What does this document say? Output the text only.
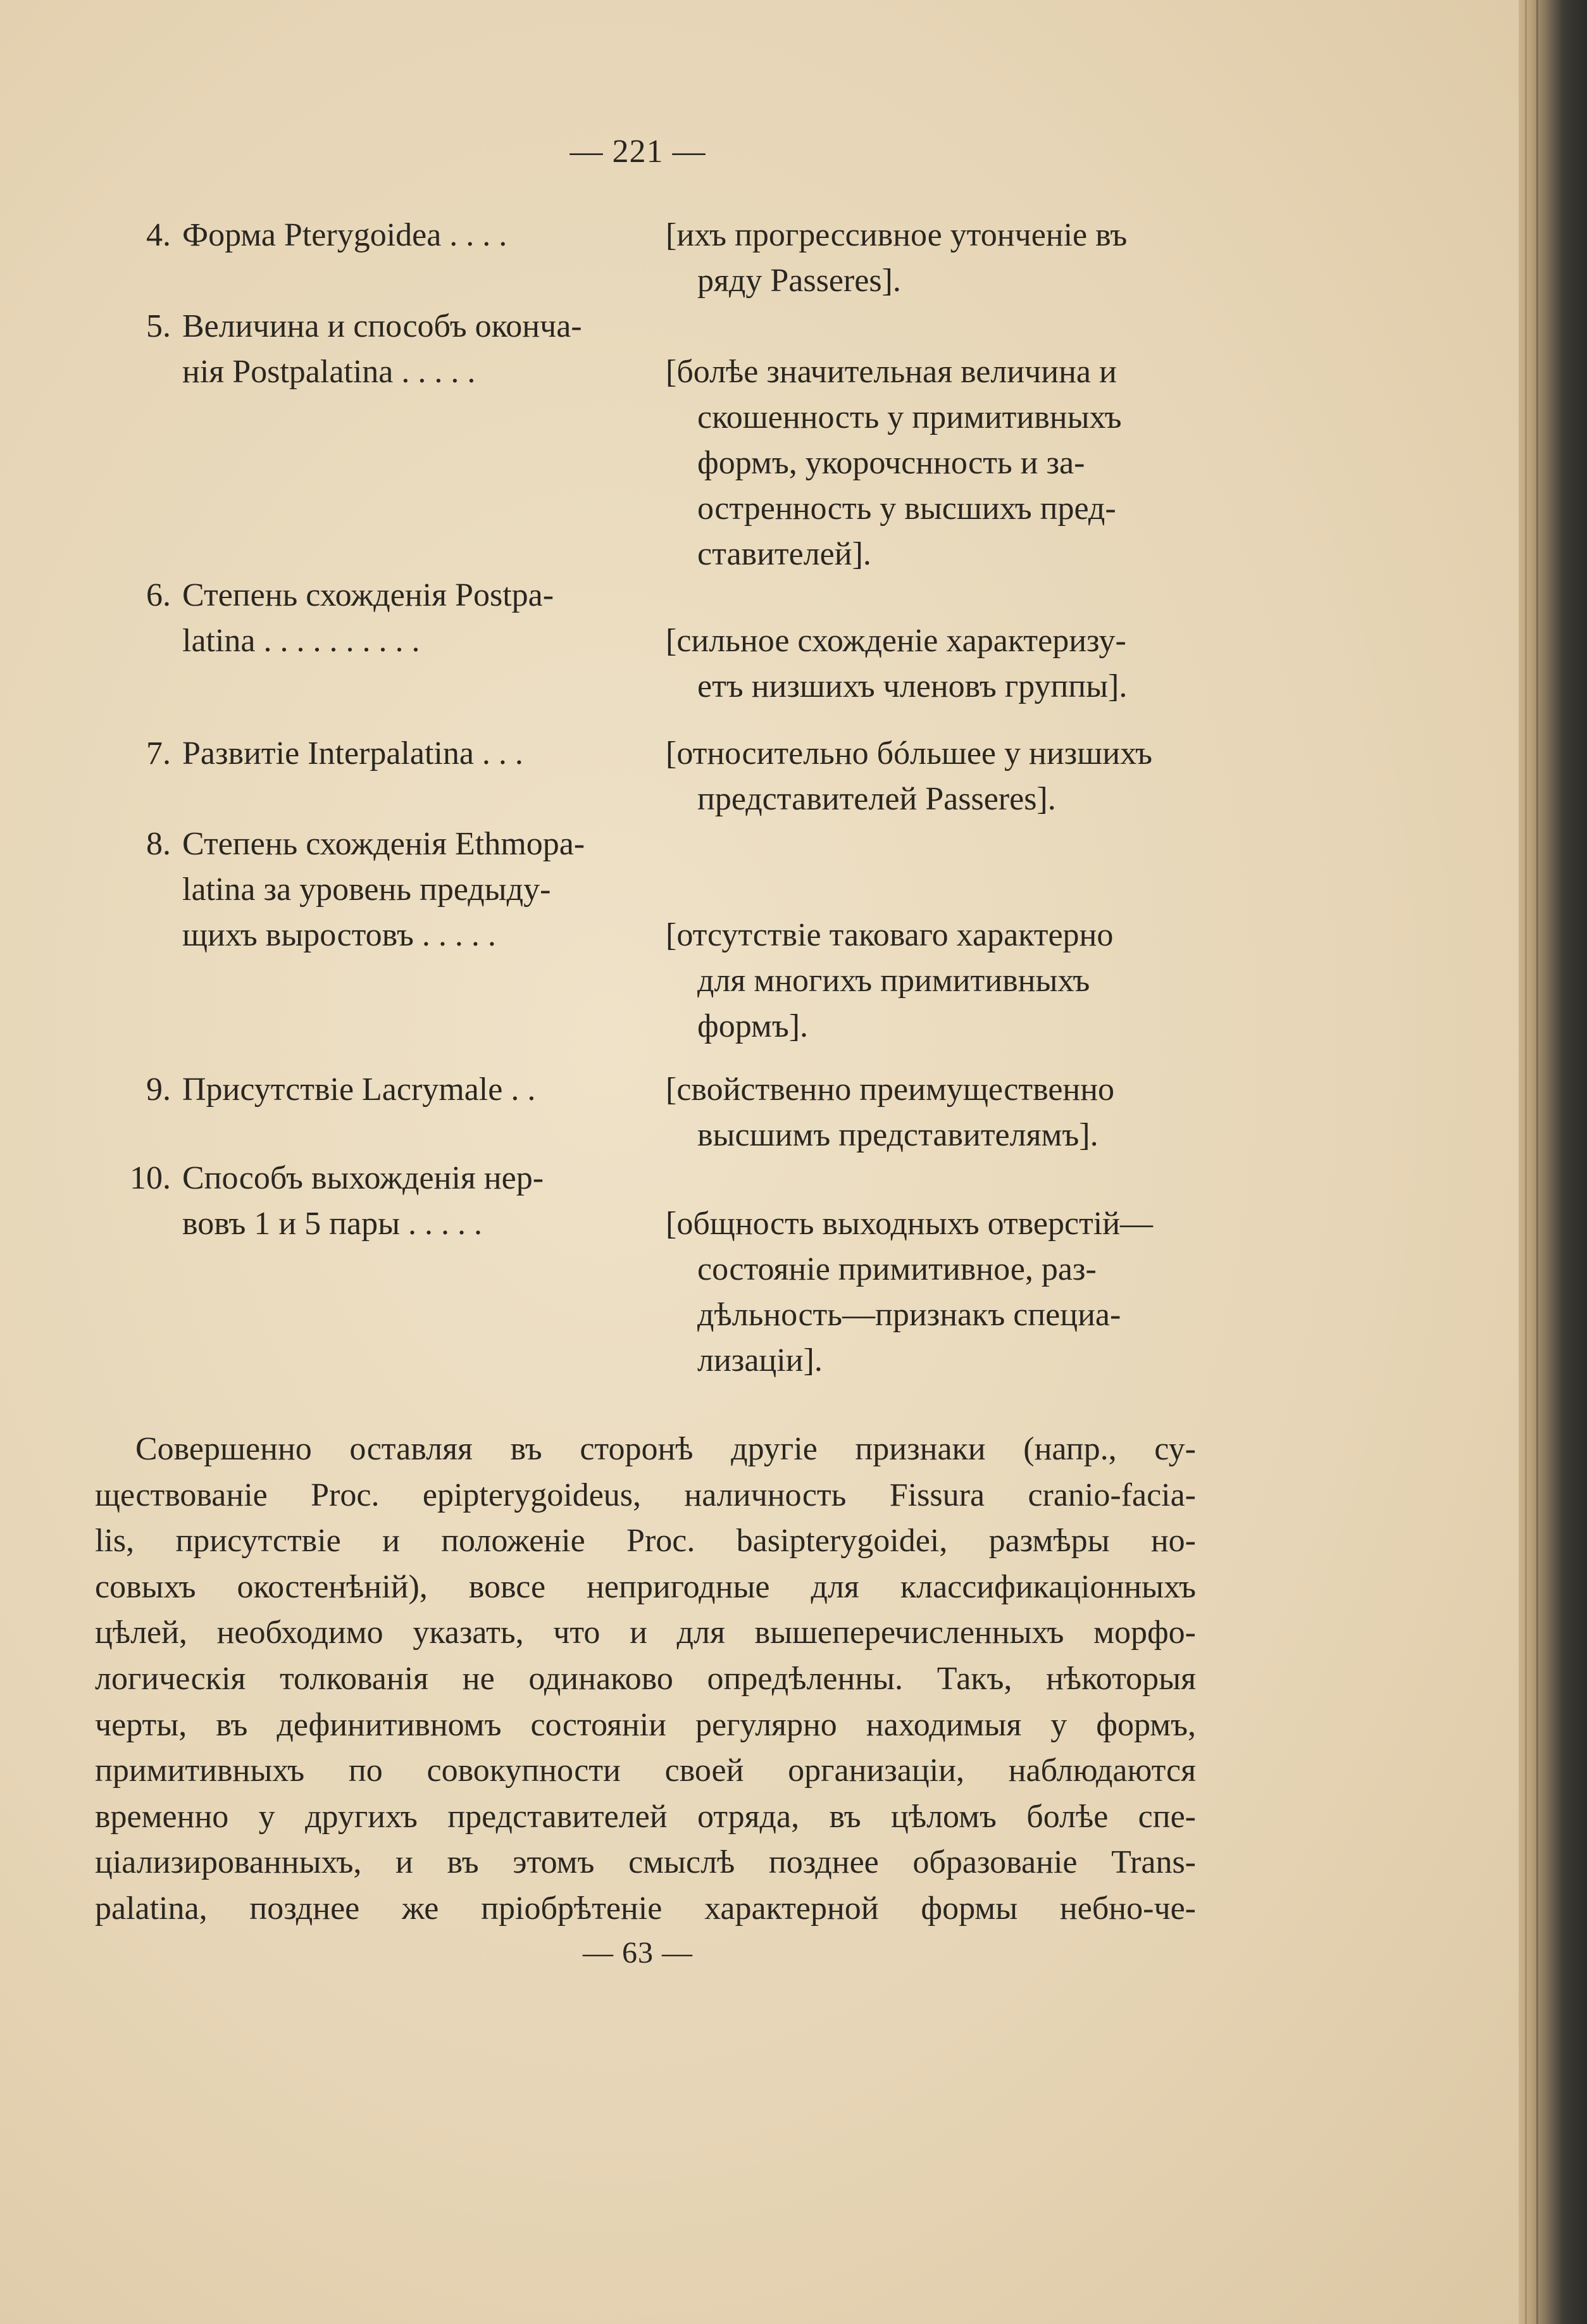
— 221 —
4. Форма Pterygoidea . . . .	[ихъ прогрессивное утонченіе въ
ряду Passeres].
5. Величина и способъ оконча-
нія Postpalatina . . . . .	[болѣе значительная величина и
скошенность у примитивныхъ
формъ, укорочснность и за-
остренность у высшихъ пред-
ставителей].
6. Степень схожденія Postpa-
latina . . . . . . . . . .	[сильное схожденіе характеризу-
етъ низшихъ членовъ группы].
7. Развитіе Interpalatina . . .	[относительно бóльшее у низшихъ
представителей Passeres].
8. Степень схожденія Ethmopa-
latina за уровень предыду-
щихъ выростовъ . . . . .	[отсутствіе таковаго характерно
для многихъ примитивныхъ
формъ].
9. Присутствіе Lacrymale . .	[свойственно преимущественно
высшимъ представителямъ].
10. Способъ выхожденія нер-
вовъ 1 и 5 пары . . . . .	[общность выходныхъ отверстій—
состояніе примитивное, раз-
дѣльность—признакъ специа-
лизаціи].
Совершенно оставляя въ сторонѣ другіе признаки (напр., су-
ществованіе Proc. epipterygoideus, наличность Fissura cranio-facia-
lis, присутствіе и положеніе Proc. basipterygoidei, размѣры но-
совыхъ окостенѣній), вовсе непригодные для классификаціонныхъ
цѣлей, необходимо указать, что и для вышеперечисленныхъ морфо-
логическія толкованія не одинаково опредѣленны. Такъ, нѣкоторыя
черты, въ дефинитивномъ состояніи регулярно находимыя у формъ,
примитивныхъ по совокупности своей организаціи, наблюдаются
временно у другихъ представителей отряда, въ цѣломъ болѣе спе-
ціализированныхъ, и въ этомъ смыслѣ позднее образованіе Trans-
palatina, позднее же пріобрѣтеніе характерной формы небно-че-
— 63 —
